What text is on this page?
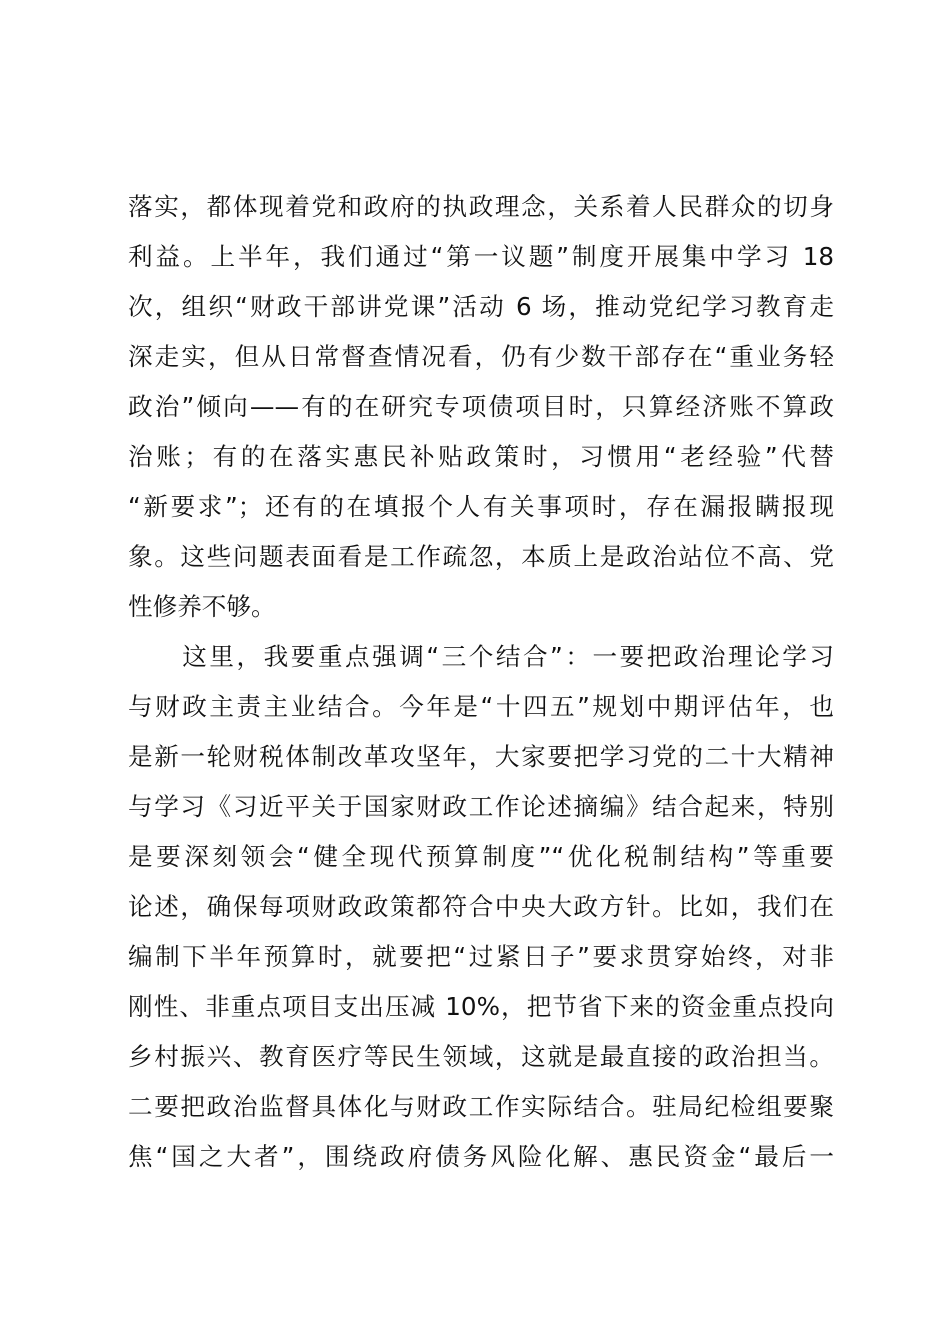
落实，都体现着党和政府的执政理念，关系着人民群众的切身
利益。上半年，我们通过“第一议题”制度开展集中学习 18
次，组织“财政干部讲党课”活动 6 场，推动党纪学习教育走
深走实，但从日常督查情况看，仍有少数干部存在“重业务轻
政治”倾向——有的在研究专项债项目时，只算经济账不算政
治账；有的在落实惠民补贴政策时，习惯用“老经验”代替
“新要求”；还有的在填报个人有关事项时，存在漏报瞒报现
象。这些问题表面看是工作疏忽，本质上是政治站位不高、党
性修养不够。
　　这里，我要重点强调“三个结合”：一要把政治理论学习
与财政主责主业结合。今年是“十四五”规划中期评估年，也
是新一轮财税体制改革攻坚年，大家要把学习党的二十大精神
与学习《习近平关于国家财政工作论述摘编》结合起来，特别
是要深刻领会“健全现代预算制度”“优化税制结构”等重要
论述，确保每项财政政策都符合中央大政方针。比如，我们在
编制下半年预算时，就要把“过紧日子”要求贯穿始终，对非
刚性、非重点项目支出压减 10%，把节省下来的资金重点投向
乡村振兴、教育医疗等民生领域，这就是最直接的政治担当。
二要把政治监督具体化与财政工作实际结合。驻局纪检组要聚
焦“国之大者”，围绕政府债务风险化解、惠民资金“最后一
